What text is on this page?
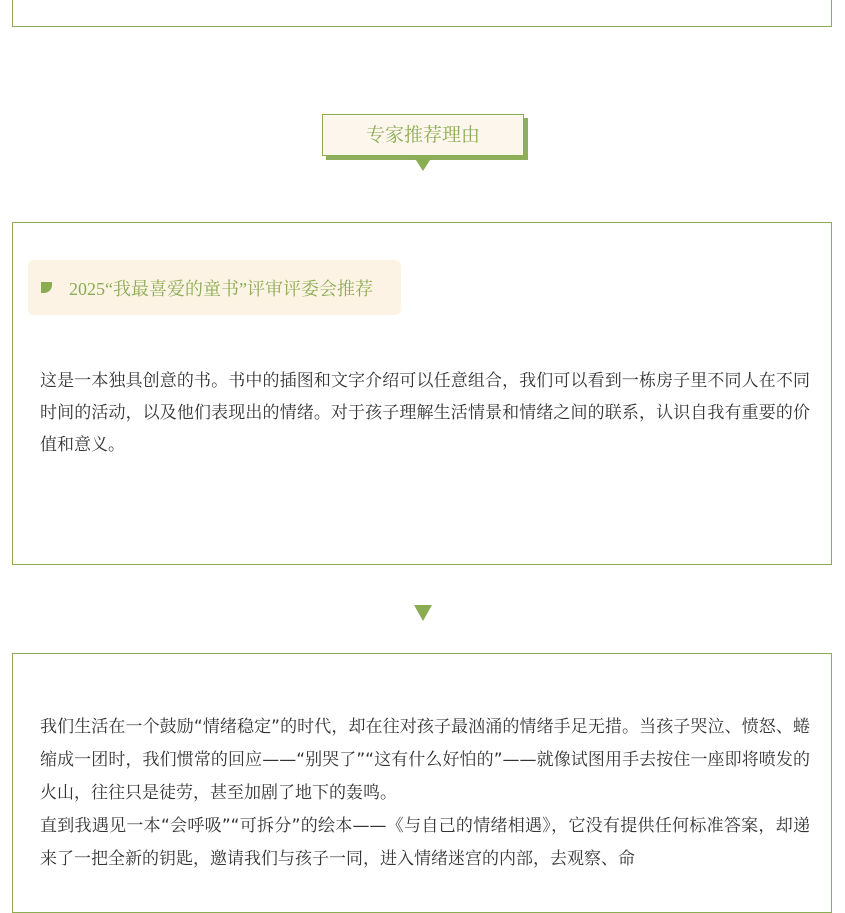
专家推荐理由
2025“我最喜爱的童书”评审评委会推荐

这是一本独具创意的书。书中的插图和文字介绍可以任意组合，我们可以看到一栋房子里不同人在不同时间的活动，以及他们表现出的情绪。对于孩子理解生活情景和情绪之间的联系，认识自我有重要的价值和意义。

我们生活在一个鼓励“情绪稳定”的时代，却在往对孩子最汹涌的情绪手足无措。当孩子哭泣、愤怒、蜷缩成一团时，我们惯常的回应——“别哭了”“这有什么好怕的”——就像试图用手去按住一座即将喷发的火山，往往只是徒劳，甚至加剧了地下的轰鸣。

直到我遇见一本“会呼吸”“可拆分”的绘本——《与自己的情绪相遇》，它没有提供任何标准答案，却递来了一把全新的钥匙，邀请我们与孩子一同，进入情绪迷宫的内部，去观察、命
